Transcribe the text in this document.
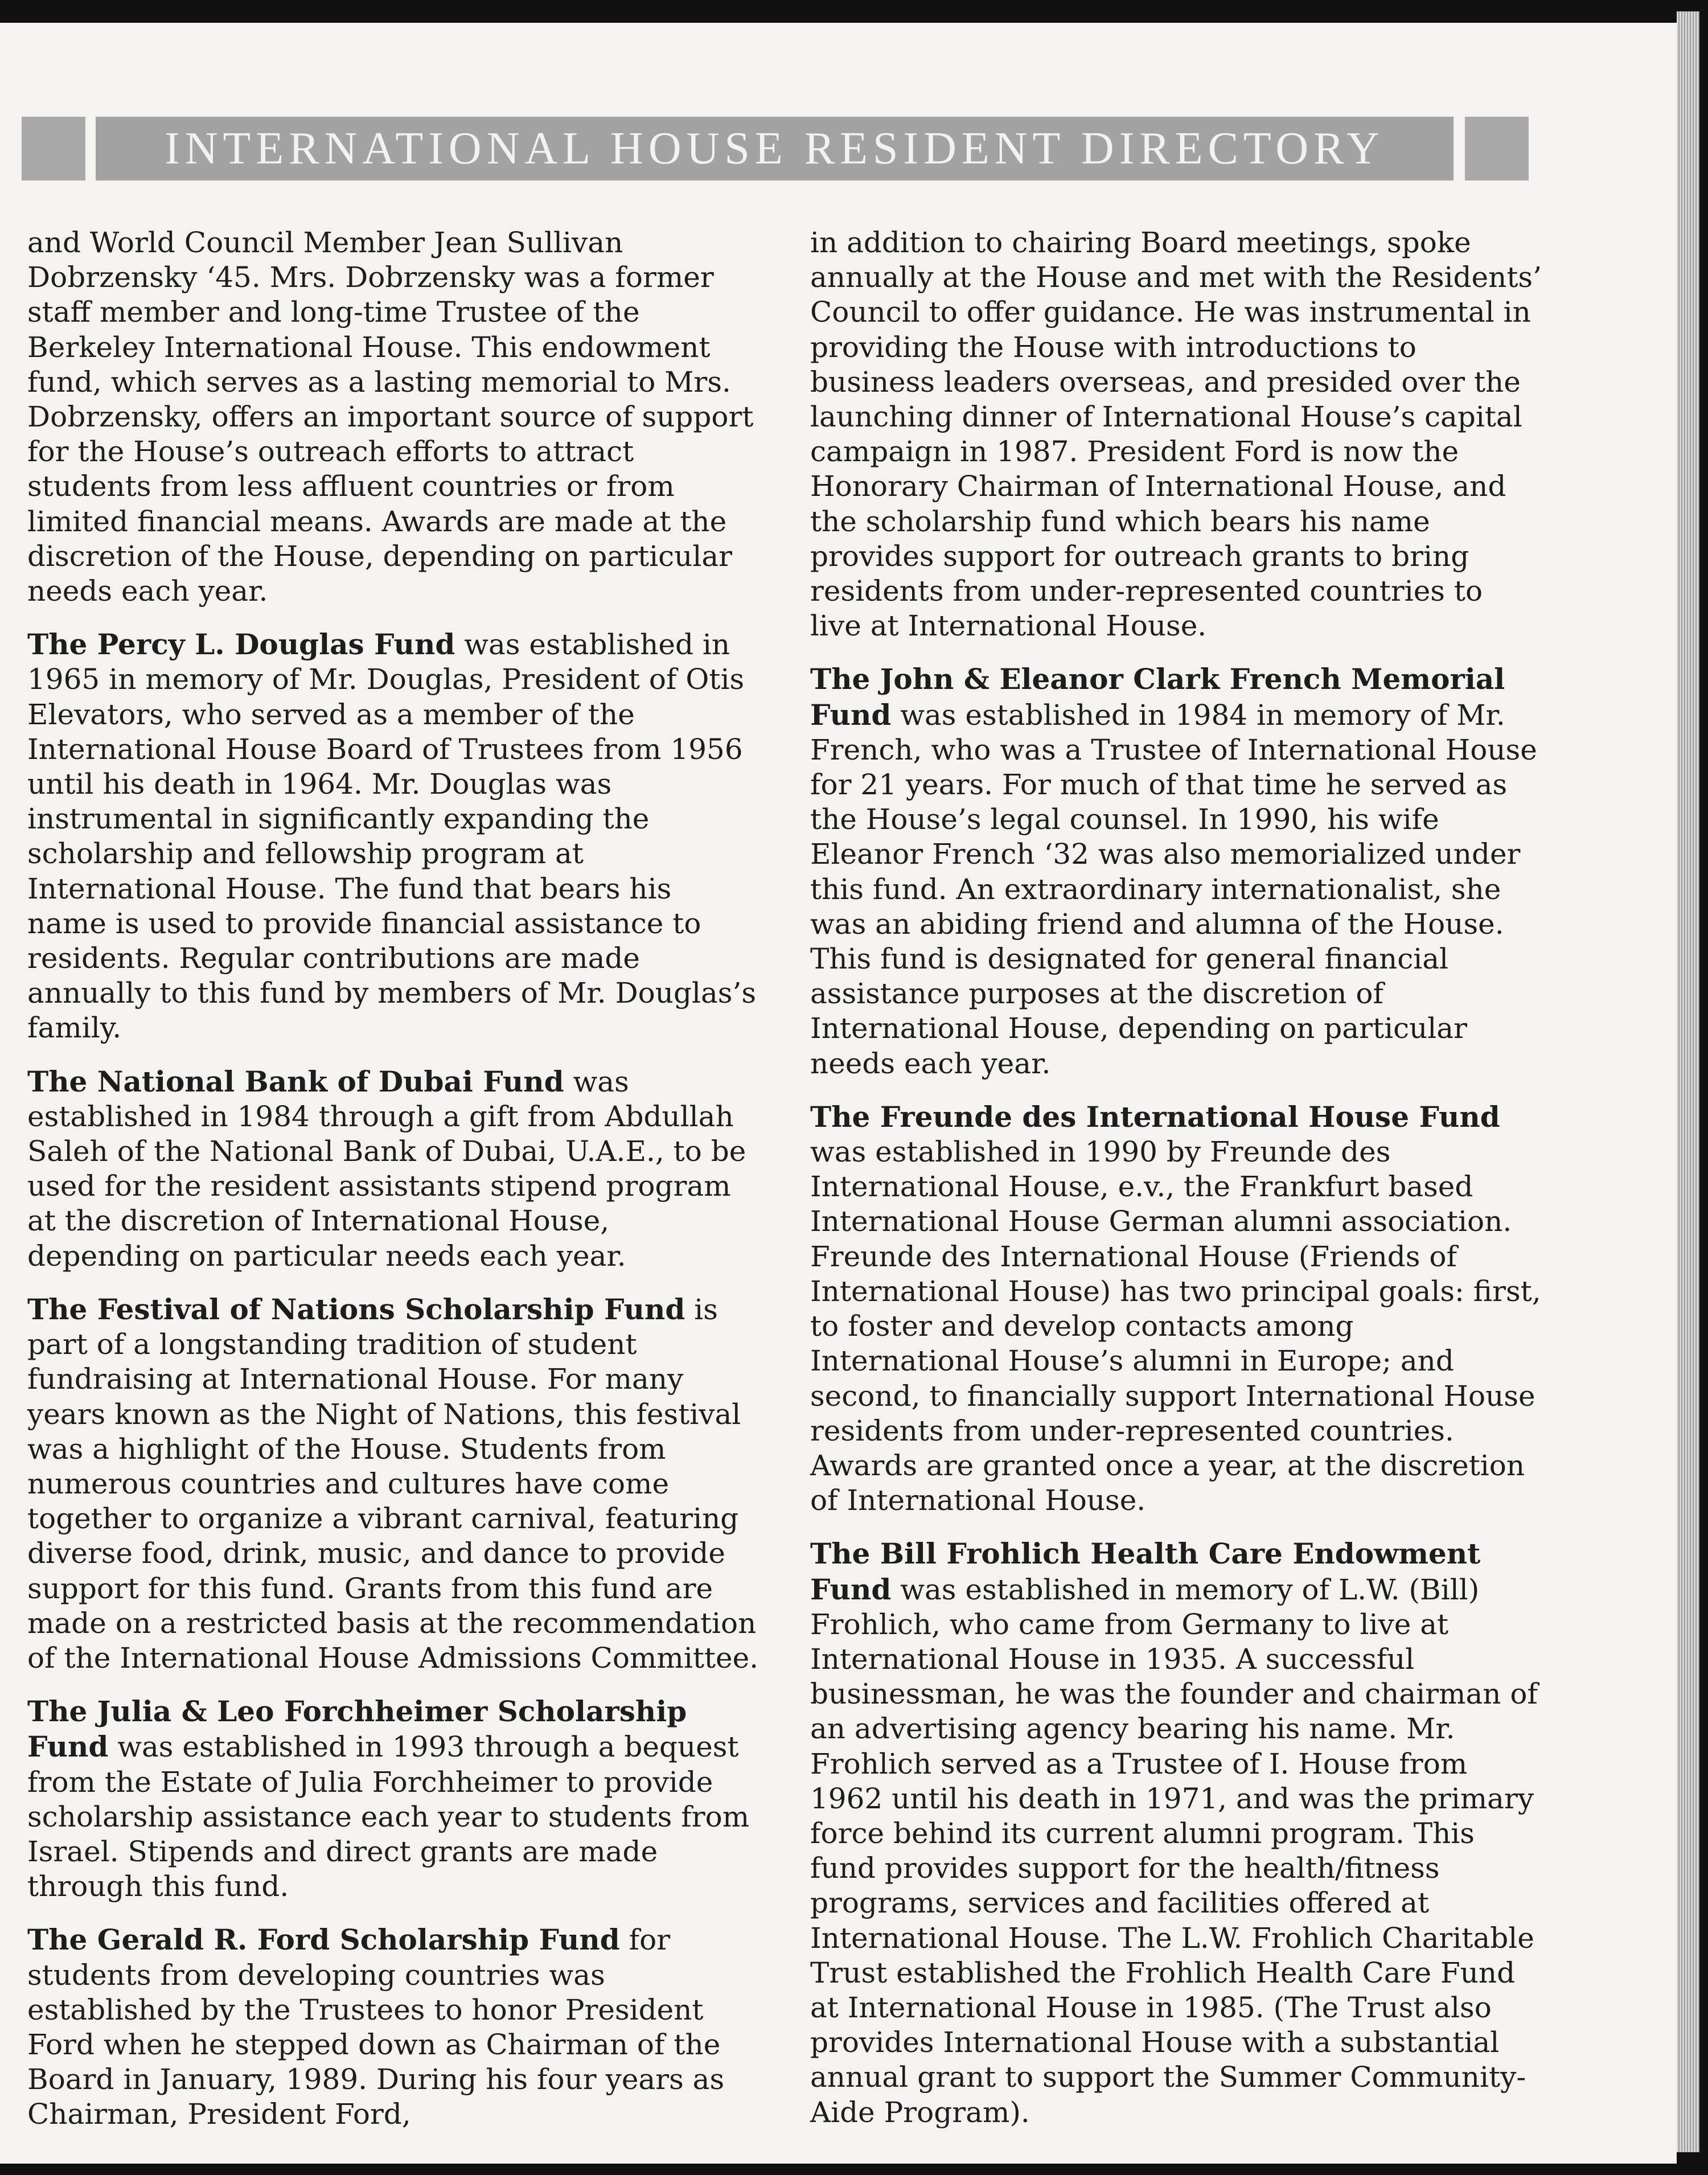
INTERNATIONAL HOUSE RESIDENT DIRECTORY

and World Council Member Jean Sullivan Dobrzensky ‘45. Mrs. Dobrzensky was a former staff member and long-time Trustee of the Berkeley International House. This endowment fund, which serves as a lasting memorial to Mrs. Dobrzensky, offers an important source of support for the House’s outreach efforts to attract students from less affluent countries or from limited financial means. Awards are made at the discretion of the House, depending on particular needs each year.

The Percy L. Douglas Fund was established in 1965 in memory of Mr. Douglas, President of Otis Elevators, who served as a member of the International House Board of Trustees from 1956 until his death in 1964. Mr. Douglas was instrumental in significantly expanding the scholarship and fellowship program at International House. The fund that bears his name is used to provide financial assistance to residents. Regular contributions are made annually to this fund by members of Mr. Douglas’s family.

The National Bank of Dubai Fund was established in 1984 through a gift from Abdullah Saleh of the National Bank of Dubai, U.A.E., to be used for the resident assistants stipend program at the discretion of International House, depending on particular needs each year.

The Festival of Nations Scholarship Fund is part of a longstanding tradition of student fundraising at International House. For many years known as the Night of Nations, this festival was a highlight of the House. Students from numerous countries and cultures have come together to organize a vibrant carnival, featuring diverse food, drink, music, and dance to provide support for this fund. Grants from this fund are made on a restricted basis at the recommendation of the International House Admissions Committee.

The Julia & Leo Forchheimer Scholarship Fund was established in 1993 through a bequest from the Estate of Julia Forchheimer to provide scholarship assistance each year to students from Israel. Stipends and direct grants are made through this fund.

The Gerald R. Ford Scholarship Fund for students from developing countries was established by the Trustees to honor President Ford when he stepped down as Chairman of the Board in January, 1989. During his four years as Chairman, President Ford,

in addition to chairing Board meetings, spoke annually at the House and met with the Residents’ Council to offer guidance. He was instrumental in providing the House with introductions to business leaders overseas, and presided over the launching dinner of International House’s capital campaign in 1987. President Ford is now the Honorary Chairman of International House, and the scholarship fund which bears his name provides support for outreach grants to bring residents from under-represented countries to live at International House.

The John & Eleanor Clark French Memorial Fund was established in 1984 in memory of Mr. French, who was a Trustee of International House for 21 years. For much of that time he served as the House’s legal counsel. In 1990, his wife Eleanor French ‘32 was also memorialized under this fund. An extraordinary internationalist, she was an abiding friend and alumna of the House. This fund is designated for general financial assistance purposes at the discretion of International House, depending on particular needs each year.

The Freunde des International House Fund was established in 1990 by Freunde des International House, e.v., the Frankfurt based International House German alumni association. Freunde des International House (Friends of International House) has two principal goals: first, to foster and develop contacts among International House’s alumni in Europe; and second, to financially support International House residents from under-represented countries. Awards are granted once a year, at the discretion of International House.

The Bill Frohlich Health Care Endowment Fund was established in memory of L.W. (Bill) Frohlich, who came from Germany to live at International House in 1935. A successful businessman, he was the founder and chairman of an advertising agency bearing his name. Mr. Frohlich served as a Trustee of I. House from 1962 until his death in 1971, and was the primary force behind its current alumni program. This fund provides support for the health/fitness programs, services and facilities offered at International House. The L.W. Frohlich Charitable Trust established the Frohlich Health Care Fund at International House in 1985. (The Trust also provides International House with a substantial annual grant to support the Summer Community-Aide Program).
